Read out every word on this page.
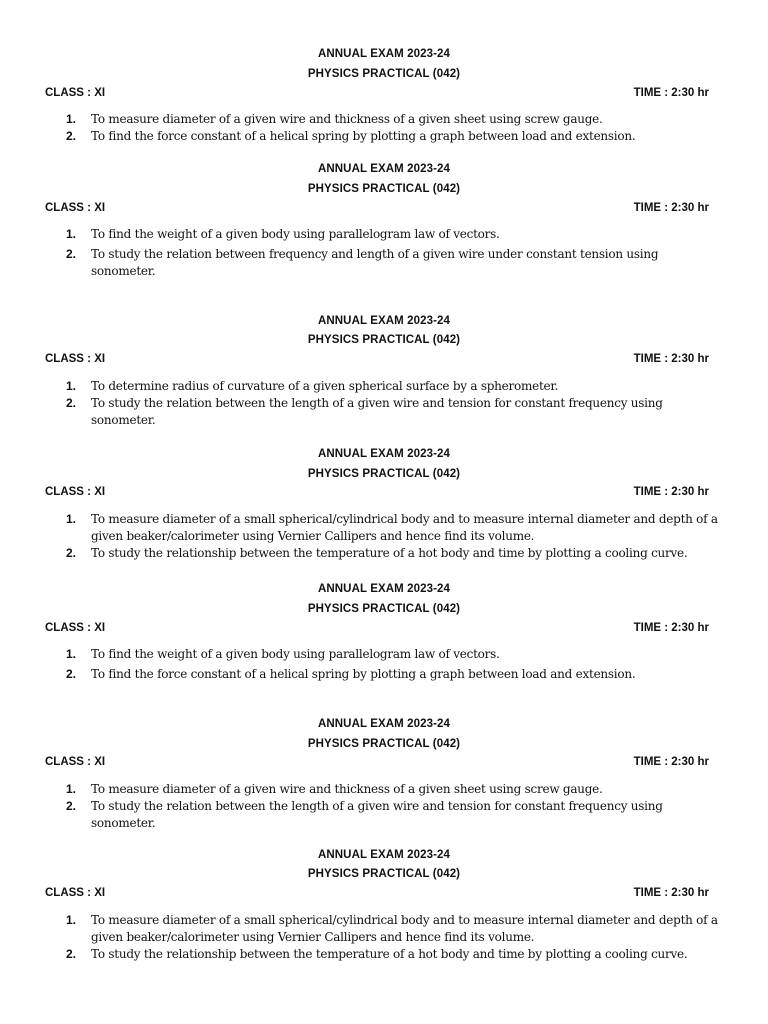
ANNUAL EXAM 2023-24
PHYSICS PRACTICAL (042)
CLASS : XI	TIME : 2:30 hr
1.	To measure diameter of a given wire and thickness of a given sheet using screw gauge.
2.	To find the force constant of a helical spring by plotting a graph between load and extension.
ANNUAL EXAM 2023-24
PHYSICS PRACTICAL (042)
CLASS : XI	TIME : 2:30 hr
1.	To find the weight of a given body using parallelogram law of vectors.
2.	To study the relation between frequency and length of a given wire under constant tension using sonometer.
ANNUAL EXAM 2023-24
PHYSICS PRACTICAL (042)
CLASS : XI	TIME : 2:30 hr
1.	To determine radius of curvature of a given spherical surface by a spherometer.
2.	To study the relation between the length of a given wire and tension for constant frequency using sonometer.
ANNUAL EXAM 2023-24
PHYSICS PRACTICAL (042)
CLASS : XI	TIME : 2:30 hr
1.	To measure diameter of a small spherical/cylindrical body and to measure internal diameter and depth of a given beaker/calorimeter using Vernier Callipers and hence find its volume.
2.	To study the relationship between the temperature of a hot body and time by plotting a cooling curve.
ANNUAL EXAM 2023-24
PHYSICS PRACTICAL (042)
CLASS : XI	TIME : 2:30 hr
1.	To find the weight of a given body using parallelogram law of vectors.
2.	To find the force constant of a helical spring by plotting a graph between load and extension.
ANNUAL EXAM 2023-24
PHYSICS PRACTICAL (042)
CLASS : XI	TIME : 2:30 hr
1.	To measure diameter of a given wire and thickness of a given sheet using screw gauge.
2.	To study the relation between the length of a given wire and tension for constant frequency using sonometer.
ANNUAL EXAM 2023-24
PHYSICS PRACTICAL (042)
CLASS : XI	TIME : 2:30 hr
1.	To measure diameter of a small spherical/cylindrical body and to measure internal diameter and depth of a given beaker/calorimeter using Vernier Callipers and hence find its volume.
2.	To study the relationship between the temperature of a hot body and time by plotting a cooling curve.
